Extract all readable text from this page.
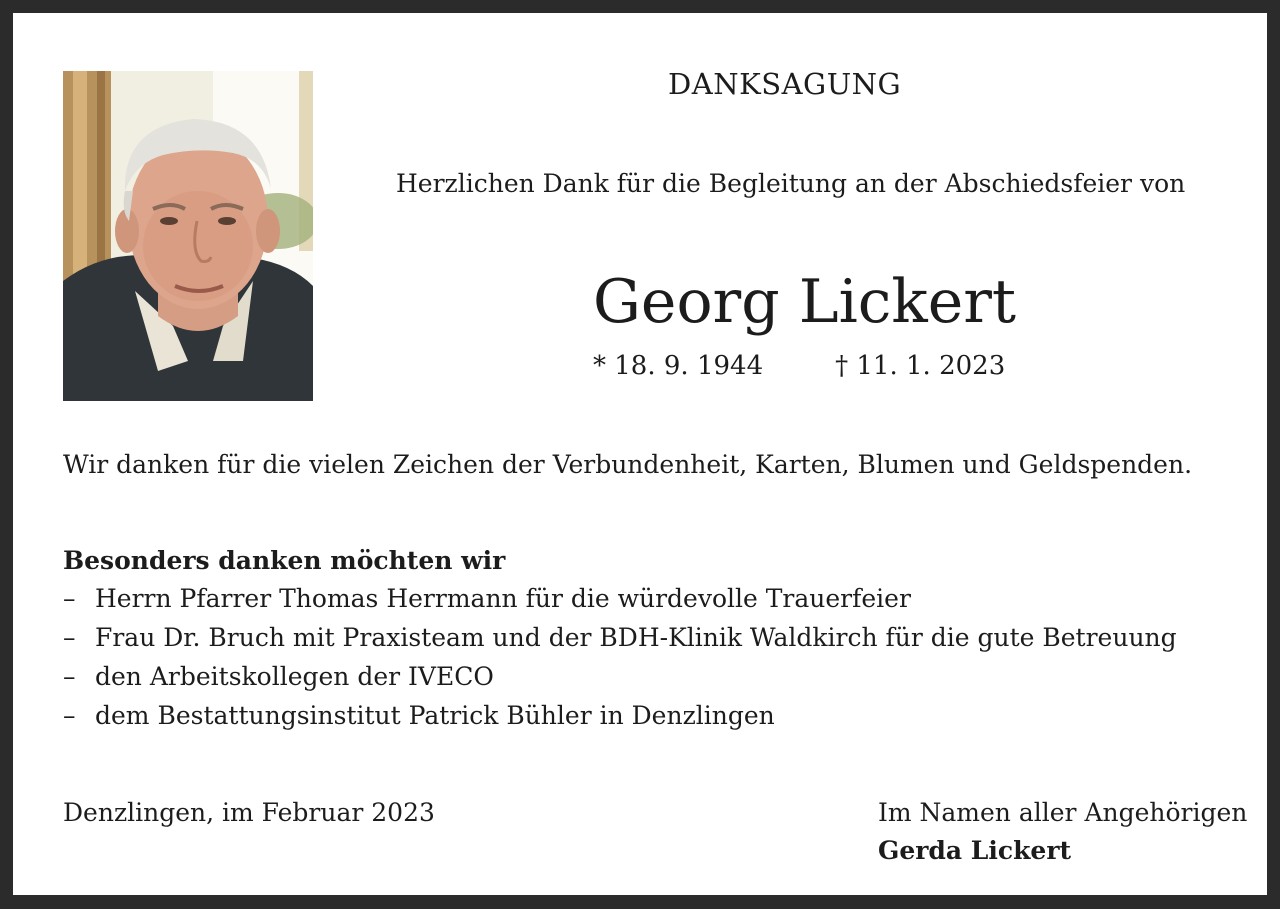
DANKSAGUNG
Herzlichen Dank für die Begleitung an der Abschiedsfeier von
Georg Lickert
* 18. 9. 1944	† 11. 1. 2023
Wir danken für die vielen Zeichen der Verbundenheit, Karten, Blumen und Geldspenden.
Besonders danken möchten wir
– Herrn Pfarrer Thomas Herrmann für die würdevolle Trauerfeier
– Frau Dr. Bruch mit Praxisteam und der BDH-Klinik Waldkirch für die gute Betreuung
– den Arbeitskollegen der IVECO
– dem Bestattungsinstitut Patrick Bühler in Denzlingen
Denzlingen, im Februar 2023	Im Namen aller Angehörigen
Gerda Lickert
